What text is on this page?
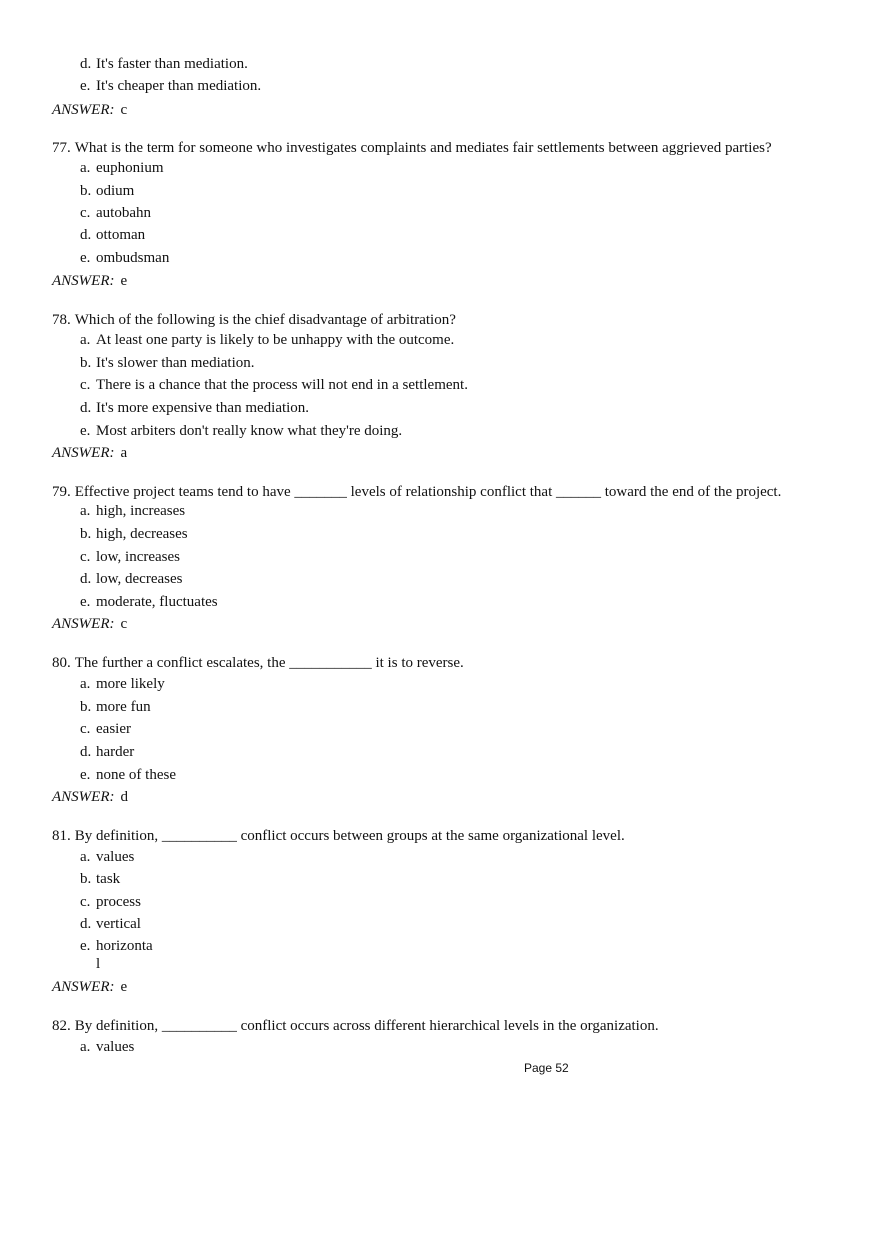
d. It's faster than mediation.
e. It's cheaper than mediation.
ANSWER: c
77. What is the term for someone who investigates complaints and mediates fair settlements between aggrieved parties?
a. euphonium
b. odium
c. autobahn
d. ottoman
e. ombudsman
ANSWER: e
78. Which of the following is the chief disadvantage of arbitration?
a. At least one party is likely to be unhappy with the outcome.
b. It's slower than mediation.
c. There is a chance that the process will not end in a settlement.
d. It's more expensive than mediation.
e. Most arbiters don't really know what they're doing.
ANSWER: a
79. Effective project teams tend to have _______ levels of relationship conflict that ______ toward the end of the project.
a. high, increases
b. high, decreases
c. low, increases
d. low, decreases
e. moderate, fluctuates
ANSWER: c
80. The further a conflict escalates, the ___________ it is to reverse.
a. more likely
b. more fun
c. easier
d. harder
e. none of these
ANSWER: d
81. By definition, __________ conflict occurs between groups at the same organizational level.
a. values
b. task
c. process
d. vertical
e. horizonta
l
ANSWER: e
82. By definition, __________ conflict occurs across different hierarchical levels in the organization.
a. values
Page 52
